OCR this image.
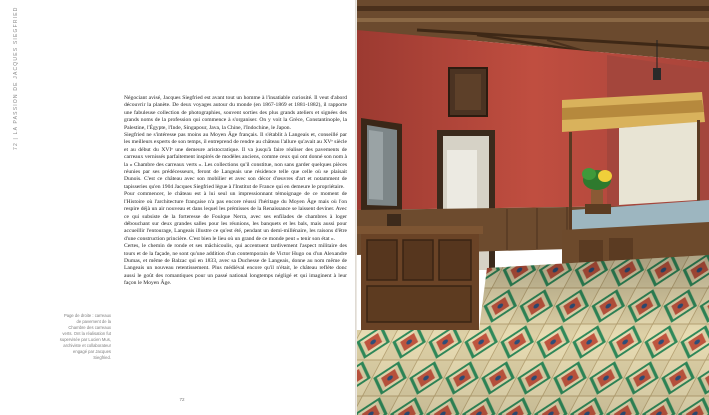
72 | LA PASSION DE JACQUES SIEGFRIED	Négociant avisé, Jacques Siegfried est avant tout un homme à l'insatiable curiosité. Il veut d'abord découvrir la planète. De deux voyages autour du monde (en 1867-1869 et 1881-1882), il rapporte une fabuleuse collection de photographies, souvent sorties des plus grands ateliers et signées des grands noms de la profession qui commence à s'organiser. On y voit la Grèce, Constantinople, la Palestine, l'Égypte, l'Inde, Singapour, Java, la Chine, l'Indochine, le Japon.

Siegfried ne s'intéresse pas moins au Moyen Âge français. Il s'établit à Langeais et, conseillé par les meilleurs experts de son temps, il entreprend de rendre au château l'allure qu'avait au XVᵉ siècle et au début du XVIᵉ une demeure aristocratique. Il va jusqu'à faire réaliser des pavements de carreaux vernissés parfaitement inspirés de modèles anciens, comme ceux qui ont donné son nom à la « Chambre des carreaux verts ». Les collections qu'il constitue, non sans garder quelques pièces réunies par ses prédécesseurs, feront de Langeais une résidence telle que celle où se plaisait Dunois. C'est ce château avec son mobilier et avec son décor d'œuvres d'art et notamment de tapisseries qu'en 1904 Jacques Siegfried lègue à l'Institut de France qui en demeure le propriétaire.

Pour commencer, le château est à lui seul un impressionnant témoignage de ce moment de l'Histoire où l'architecture française n'a pas encore réussi l'héritage du Moyen Âge mais où l'on respire déjà un air nouveau et dans lequel les prémisses de la Renaissance se laissent deviner. Avec ce qui subsiste de la forteresse de Foulque Nerra, avec ses enfilades de chambres à loger débouchant sur deux grandes salles pour les réunions, les banquets et les bals, mais aussi pour accueillir l'entourage, Langeais illustre ce qu'est été, pendant un demi-millénaire, les raisons d'être d'une construction princière. C'est bien le lieu où un grand de ce monde peut « tenir son état ».

Certes, le chemin de ronde et ses mâchicoulis, qui accentuent tardivement l'aspect militaire des tours et de la façade, ne sont qu'une addition d'un contemporain de Victor Hugo ou d'un Alexandre Dumas, et même de Balzac qui en 1833, avec sa Duchesse de Langeais, donne au nom même de Langeais un nouveau retentissement. Plus médiéval encore qu'il n'était, le château reflète donc aussi le goût des romantiques pour un passé national longtemps négligé et qui imaginent à leur façon le Moyen Âge.

Page de droite : carreaux de pavement de la Chambre des carreaux verts. Ont la réalisation fut supervisée par Lucien Mus, archiviste et collaborateur engagé par Jacques Siegfried.
72
